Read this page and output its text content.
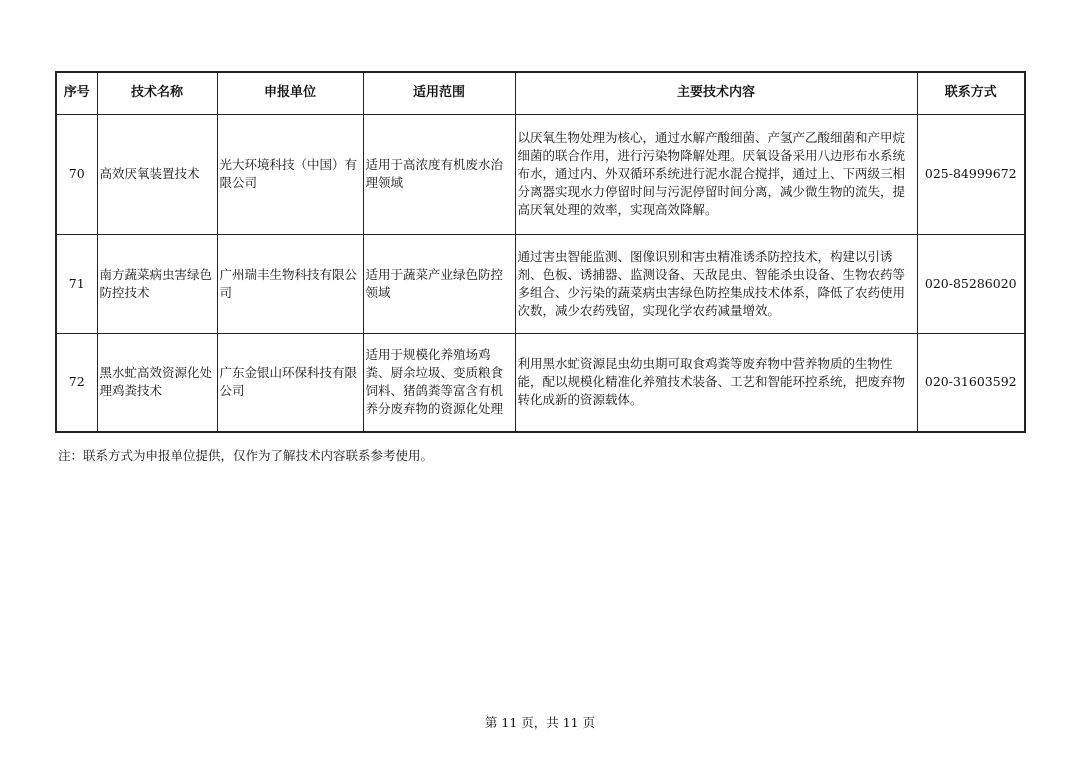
序号	技术名称	申报单位	适用范围	主要技术内容	联系方式
70	高效厌氧装置技术	光大环境科技（中国）有限公司	适用于高浓度有机废水治理领域	以厌氧生物处理为核心，通过水解产酸细菌、产氢产乙酸细菌和产甲烷细菌的联合作用，进行污染物降解处理。厌氧设备采用八边形布水系统布水，通过内、外双循环系统进行泥水混合搅拌，通过上、下两级三相分离器实现水力停留时间与污泥停留时间分离，减少微生物的流失，提高厌氧处理的效率，实现高效降解。	025-84999672
71	南方蔬菜病虫害绿色防控技术	广州瑞丰生物科技有限公司	适用于蔬菜产业绿色防控领域	通过害虫智能监测、图像识别和害虫精准诱杀防控技术，构建以引诱剂、色板、诱捕器、监测设备、天敌昆虫、智能杀虫设备、生物农药等多组合、少污染的蔬菜病虫害绿色防控集成技术体系，降低了农药使用次数，减少农药残留，实现化学农药减量增效。	020-85286020
72	黑水虻高效资源化处理鸡粪技术	广东金银山环保科技有限公司	适用于规模化养殖场鸡粪、厨余垃圾、变质粮食饲料、猪鸽粪等富含有机养分废弃物的资源化处理	利用黑水虻资源昆虫幼虫期可取食鸡粪等废弃物中营养物质的生物性能，配以规模化精准化养殖技术装备、工艺和智能环控系统，把废弃物转化成新的资源载体。	020-31603592
注：联系方式为申报单位提供，仅作为了解技术内容联系参考使用。
第 11 页，共 11 页
